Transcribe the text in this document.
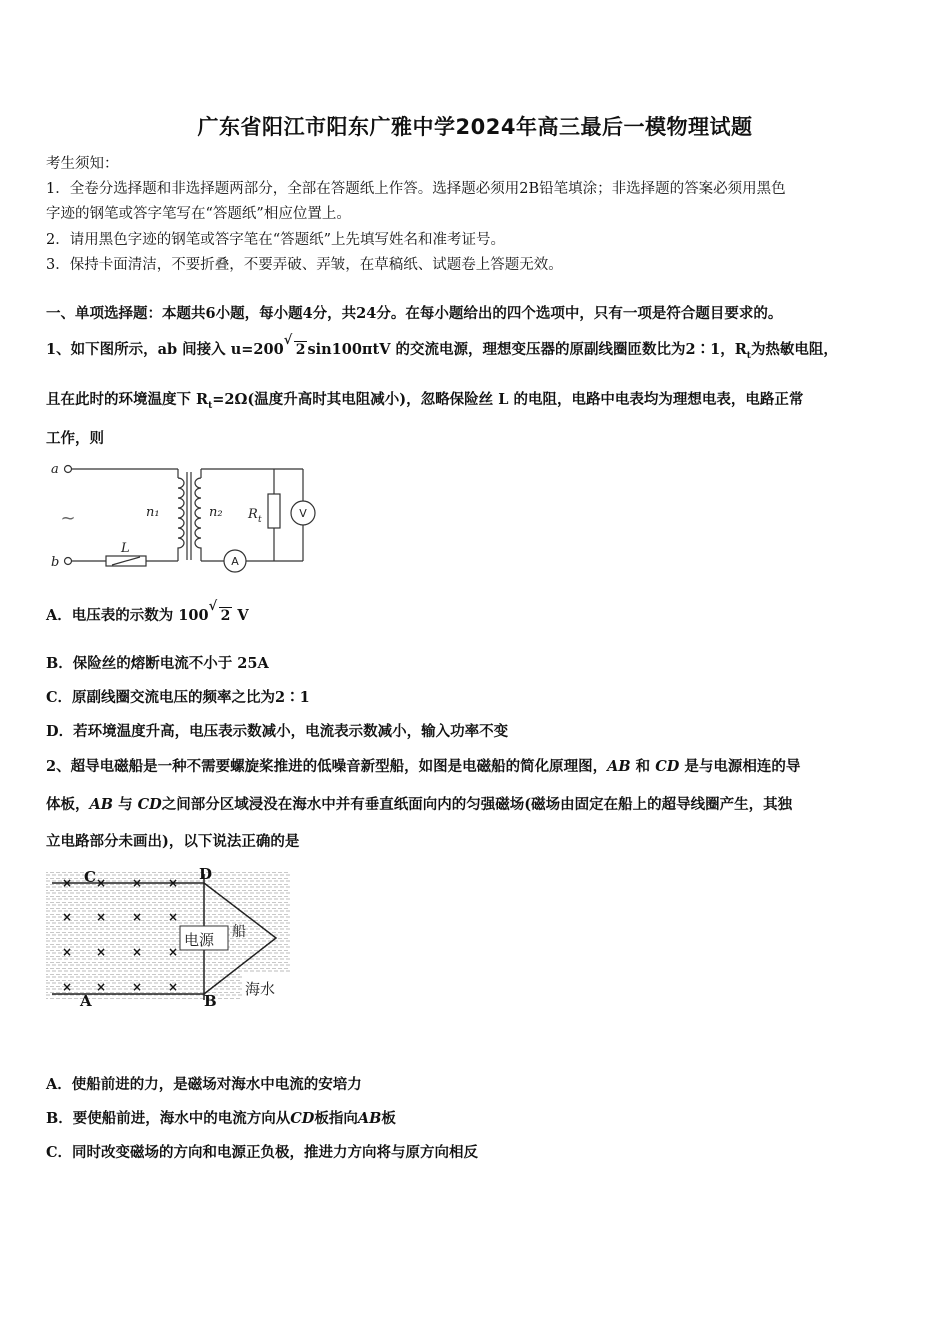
广东省阳江市阳东广雅中学2024年高三最后一模物理试题
考生须知：
1．全卷分选择题和非选择题两部分，全部在答题纸上作答。选择题必须用2B铅笔填涂；非选择题的答案必须用黑色
字迹的钢笔或答字笔写在“答题纸”相应位置上。
2．请用黑色字迹的钢笔或答字笔在“答题纸”上先填写姓名和准考证号。
3．保持卡面清洁，不要折叠，不要弄破、弄皱，在草稿纸、试题卷上答题无效。
一、单项选择题：本题共6小题，每小题4分，共24分。在每小题给出的四个选项中，只有一项是符合题目要求的。
1、如下图所示，ab 间接入 u=200
√
2 sin100πtV 的交流电源，理想变压器的原副线圈匝数比为2∶1，$R_t$为热敏电阻，
且在此时的环境温度下 $R_t=2\Omega$(温度升高时其电阻减小)，忽略保险丝 L 的电阻，电路中电表均为理想电表，电路正常
工作，则
a
b
n₁	n₂ R t
L
V
A
~
A．电压表的示数为 100
√
2 V
B．保险丝的熔断电流不小于 25A
C．原副线圈交流电压的频率之比为2∶1
D．若环境温度升高，电压表示数减小，电流表示数减小，输入功率不变
2、超导电磁船是一种不需要螺旋桨推进的低噪音新型船，如图是电磁船的简化原理图，AB 和 CD 是与电源相连的导
体板，AB 与 CD之间部分区域浸没在海水中并有垂直纸面向内的匀强磁场(磁场由固定在船上的超导线圈产生，其独
立电路部分未画出)，以下说法正确的是
电源
海水
船
C	D
A	B
× × × ×
× × × ×
× × × ×
× × × ×
A．使船前进的力，是磁场对海水中电流的安培力
B．要使船前进，海水中的电流方向从CD板指向AB板
C．同时改变磁场的方向和电源正负极，推进力方向将与原方向相反
